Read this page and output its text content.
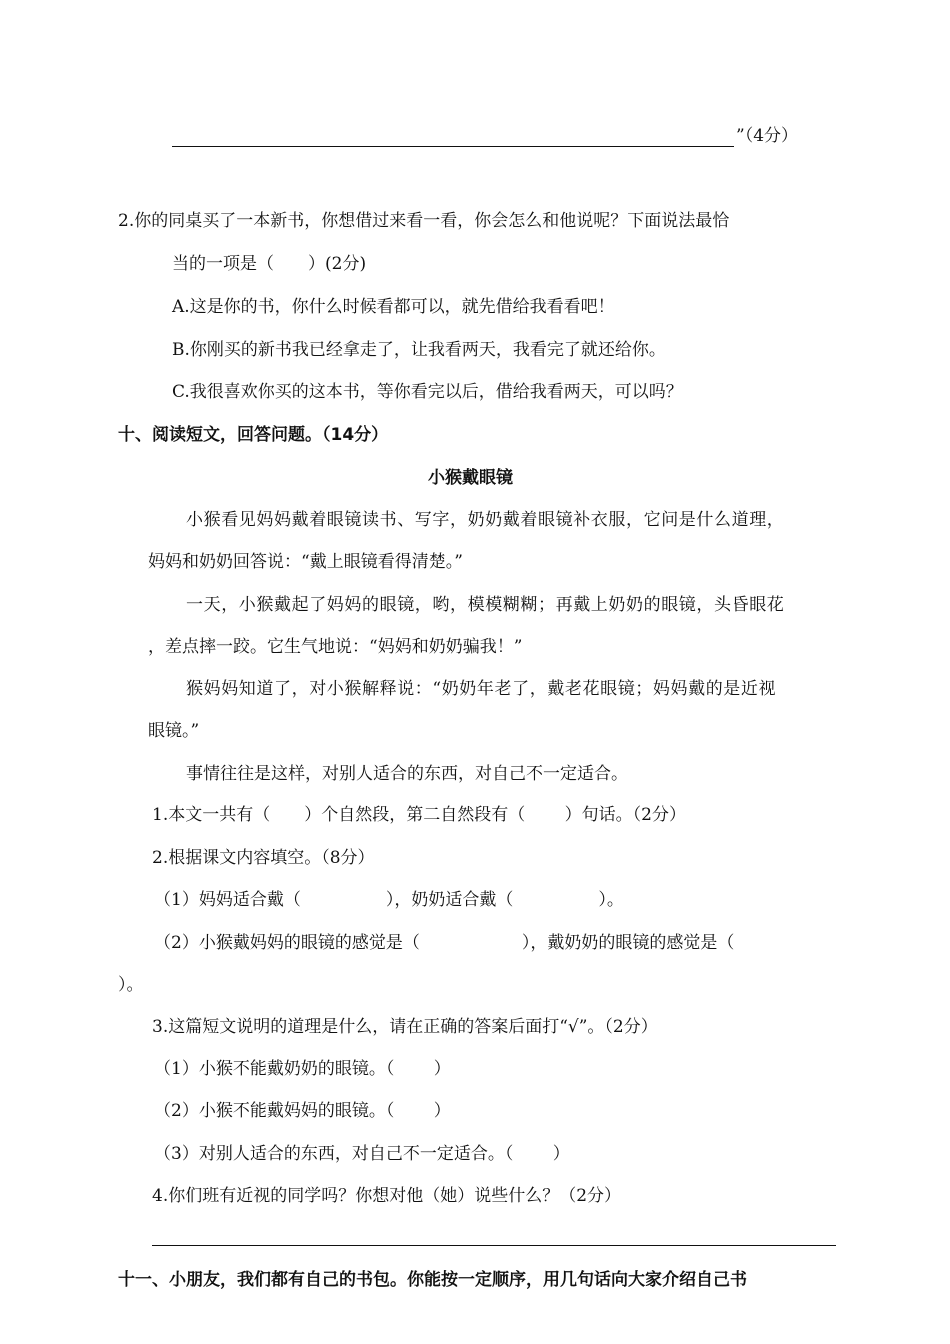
”（4分）
2.你的同桌买了一本新书，你想借过来看一看，你会怎么和他说呢？下面说法最恰
当的一项是（　　）(2分)
A.这是你的书，你什么时候看都可以，就先借给我看看吧！
B.你刚买的新书我已经拿走了，让我看两天，我看完了就还给你。
C.我很喜欢你买的这本书，等你看完以后，借给我看两天，可以吗？
十、阅读短文，回答问题。（14分）
小猴戴眼镜
小猴看见妈妈戴着眼镜读书、写字，奶奶戴着眼镜补衣服，它问是什么道理，
妈妈和奶奶回答说：“戴上眼镜看得清楚。”
一天，小猴戴起了妈妈的眼镜，哟，模模糊糊；再戴上奶奶的眼镜，头昏眼花
，差点摔一跤。它生气地说：“妈妈和奶奶骗我！”
猴妈妈知道了，对小猴解释说：“奶奶年老了，戴老花眼镜；妈妈戴的是近视
眼镜。”
事情往往是这样，对别人适合的东西，对自己不一定适合。
1.本文一共有（　　）个自然段，第二自然段有（　　 ）句话。（2分）
2.根据课文内容填空。（8分）
（1）妈妈适合戴（　　　　　），奶奶适合戴（　　　　　）。
（2）小猴戴妈妈的眼镜的感觉是（　　　　　　），戴奶奶的眼镜的感觉是（
）。
3.这篇短文说明的道理是什么，请在正确的答案后面打“√”。（2分）
（1）小猴不能戴奶奶的眼镜。（　　 ）
（2）小猴不能戴妈妈的眼镜。（　　 ）
（3）对别人适合的东西，对自己不一定适合。（　　 ）
4.你们班有近视的同学吗？你想对他（她）说些什么？（2分）
十一、小朋友，我们都有自己的书包。你能按一定顺序，用几句话向大家介绍自己书
